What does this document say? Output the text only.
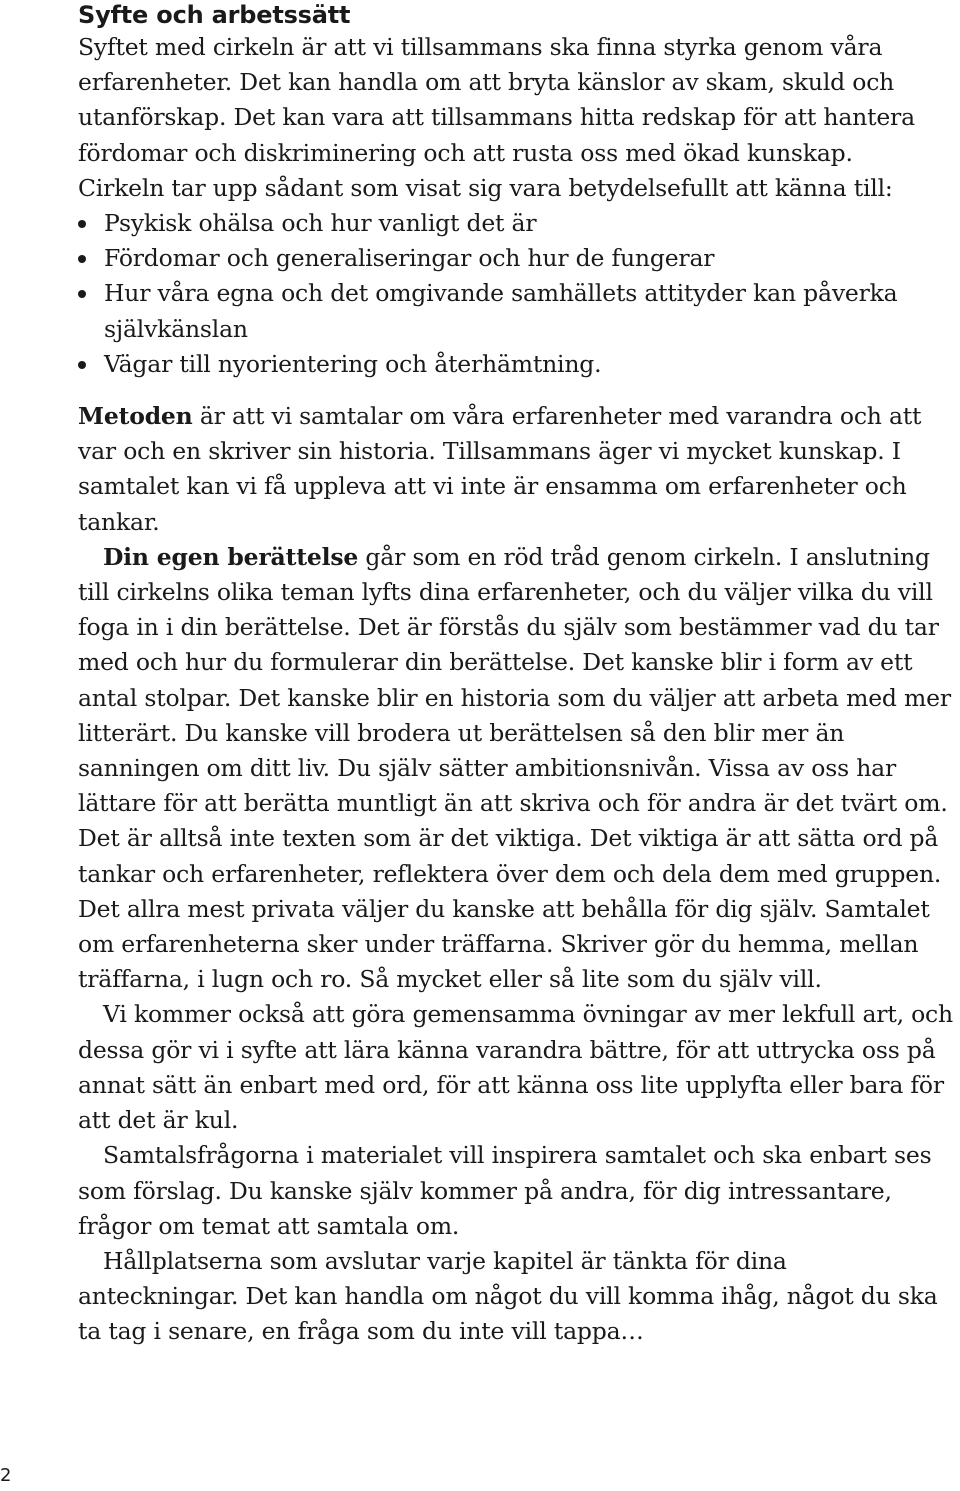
Syfte och arbetssätt

Syftet med cirkeln är att vi tillsammans ska finna styrka genom våra erfarenheter. Det kan handla om att bryta känslor av skam, skuld och utanförskap. Det kan vara att tillsammans hitta redskap för att hantera fördomar och diskriminering och att rusta oss med ökad kunskap.

Cirkeln tar upp sådant som visat sig vara betydelsefullt att känna till:

Psykisk ohälsa och hur vanligt det är
Fördomar och generaliseringar och hur de fungerar
Hur våra egna och det omgivande samhällets attityder kan påverka självkänslan
Vägar till nyorientering och återhämtning.

Metoden är att vi samtalar om våra erfarenheter med varandra och att var och en skriver sin historia. Tillsammans äger vi mycket kunskap. I samtalet kan vi få uppleva att vi inte är ensamma om erfarenheter och tankar.

Din egen berättelse går som en röd tråd genom cirkeln. I anslutning till cirkelns olika teman lyfts dina erfarenheter, och du väljer vilka du vill foga in i din berättelse. Det är förstås du själv som bestämmer vad du tar med och hur du formulerar din berättelse. Det kanske blir i form av ett antal stolpar. Det kanske blir en historia som du väljer att arbeta med mer litterärt. Du kanske vill brodera ut berättelsen så den blir mer än sanningen om ditt liv. Du själv sätter ambitionsnivån. Vissa av oss har lättare för att berätta muntligt än att skriva och för andra är det tvärt om. Det är alltså inte texten som är det viktiga. Det viktiga är att sätta ord på tankar och erfarenheter, reflektera över dem och dela dem med gruppen. Det allra mest privata väljer du kanske att behålla för dig själv. Samtalet om erfarenheterna sker under träffarna. Skriver gör du hemma, mellan träffarna, i lugn och ro. Så mycket eller så lite som du själv vill.

Vi kommer också att göra gemensamma övningar av mer lekfull art, och dessa gör vi i syfte att lära känna varandra bättre, för att uttrycka oss på annat sätt än enbart med ord, för att känna oss lite upplyfta eller bara för att det är kul.

Samtalsfrågorna i materialet vill inspirera samtalet och ska enbart ses som förslag. Du kanske själv kommer på andra, för dig intressantare, frågor om temat att samtala om.

Hållplatserna som avslutar varje kapitel är tänkta för dina anteckningar. Det kan handla om något du vill komma ihåg, något du ska ta tag i senare, en fråga som du inte vill tappa…

2
